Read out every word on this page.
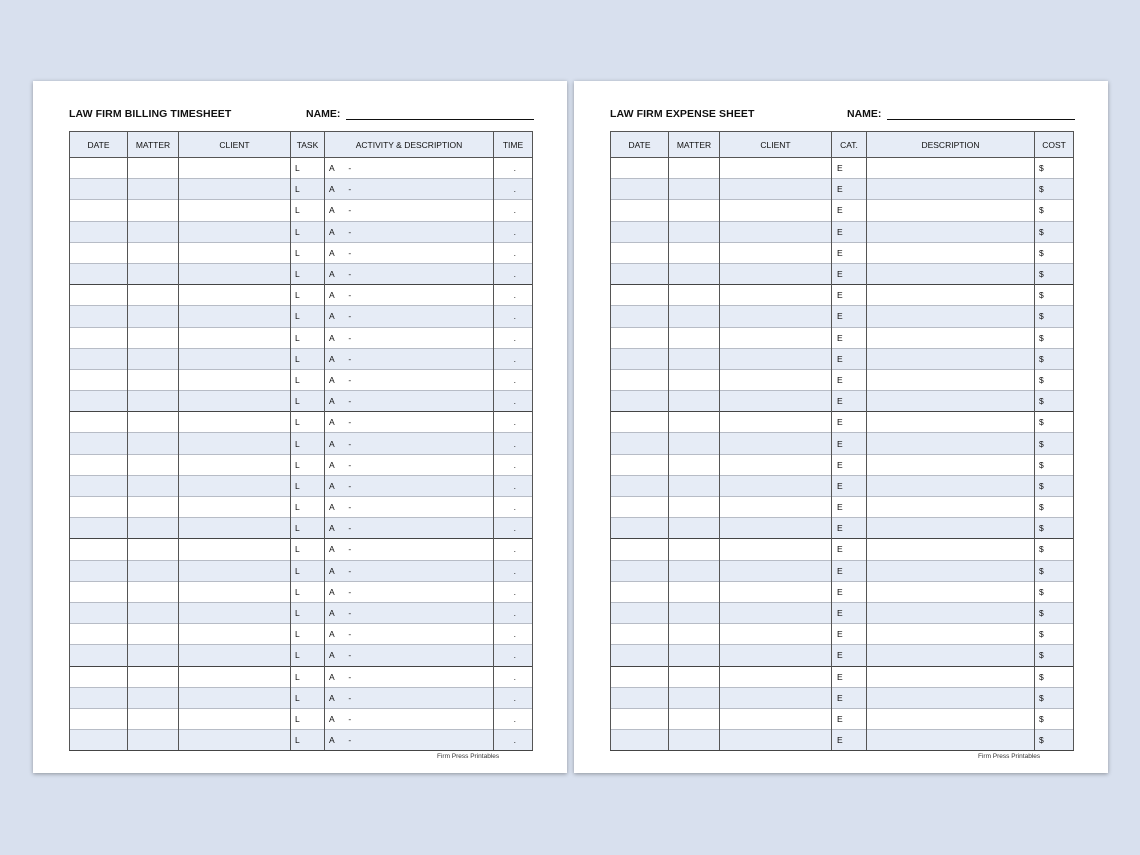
LAW FIRM BILLING TIMESHEET	NAME:
DATE	MATTER	CLIENT	TASK	ACTIVITY & DESCRIPTION	TIME
			L	A      -	.
			L	A      -	.
			L	A      -	.
			L	A      -	.
			L	A      -	.
			L	A      -	.
			L	A      -	.
			L	A      -	.
			L	A      -	.
			L	A      -	.
			L	A      -	.
			L	A      -	.
			L	A      -	.
			L	A      -	.
			L	A      -	.
			L	A      -	.
			L	A      -	.
			L	A      -	.
			L	A      -	.
			L	A      -	.
			L	A      -	.
			L	A      -	.
			L	A      -	.
			L	A      -	.
			L	A      -	.
			L	A      -	.
			L	A      -	.
			L	A      -	.
Firm Press Printables
LAW FIRM EXPENSE SHEET	NAME:
DATE	MATTER	CLIENT	CAT.	DESCRIPTION	COST
			E		$
			E		$
			E		$
			E		$
			E		$
			E		$
			E		$
			E		$
			E		$
			E		$
			E		$
			E		$
			E		$
			E		$
			E		$
			E		$
			E		$
			E		$
			E		$
			E		$
			E		$
			E		$
			E		$
			E		$
			E		$
			E		$
			E		$
			E		$
Firm Press Printables
